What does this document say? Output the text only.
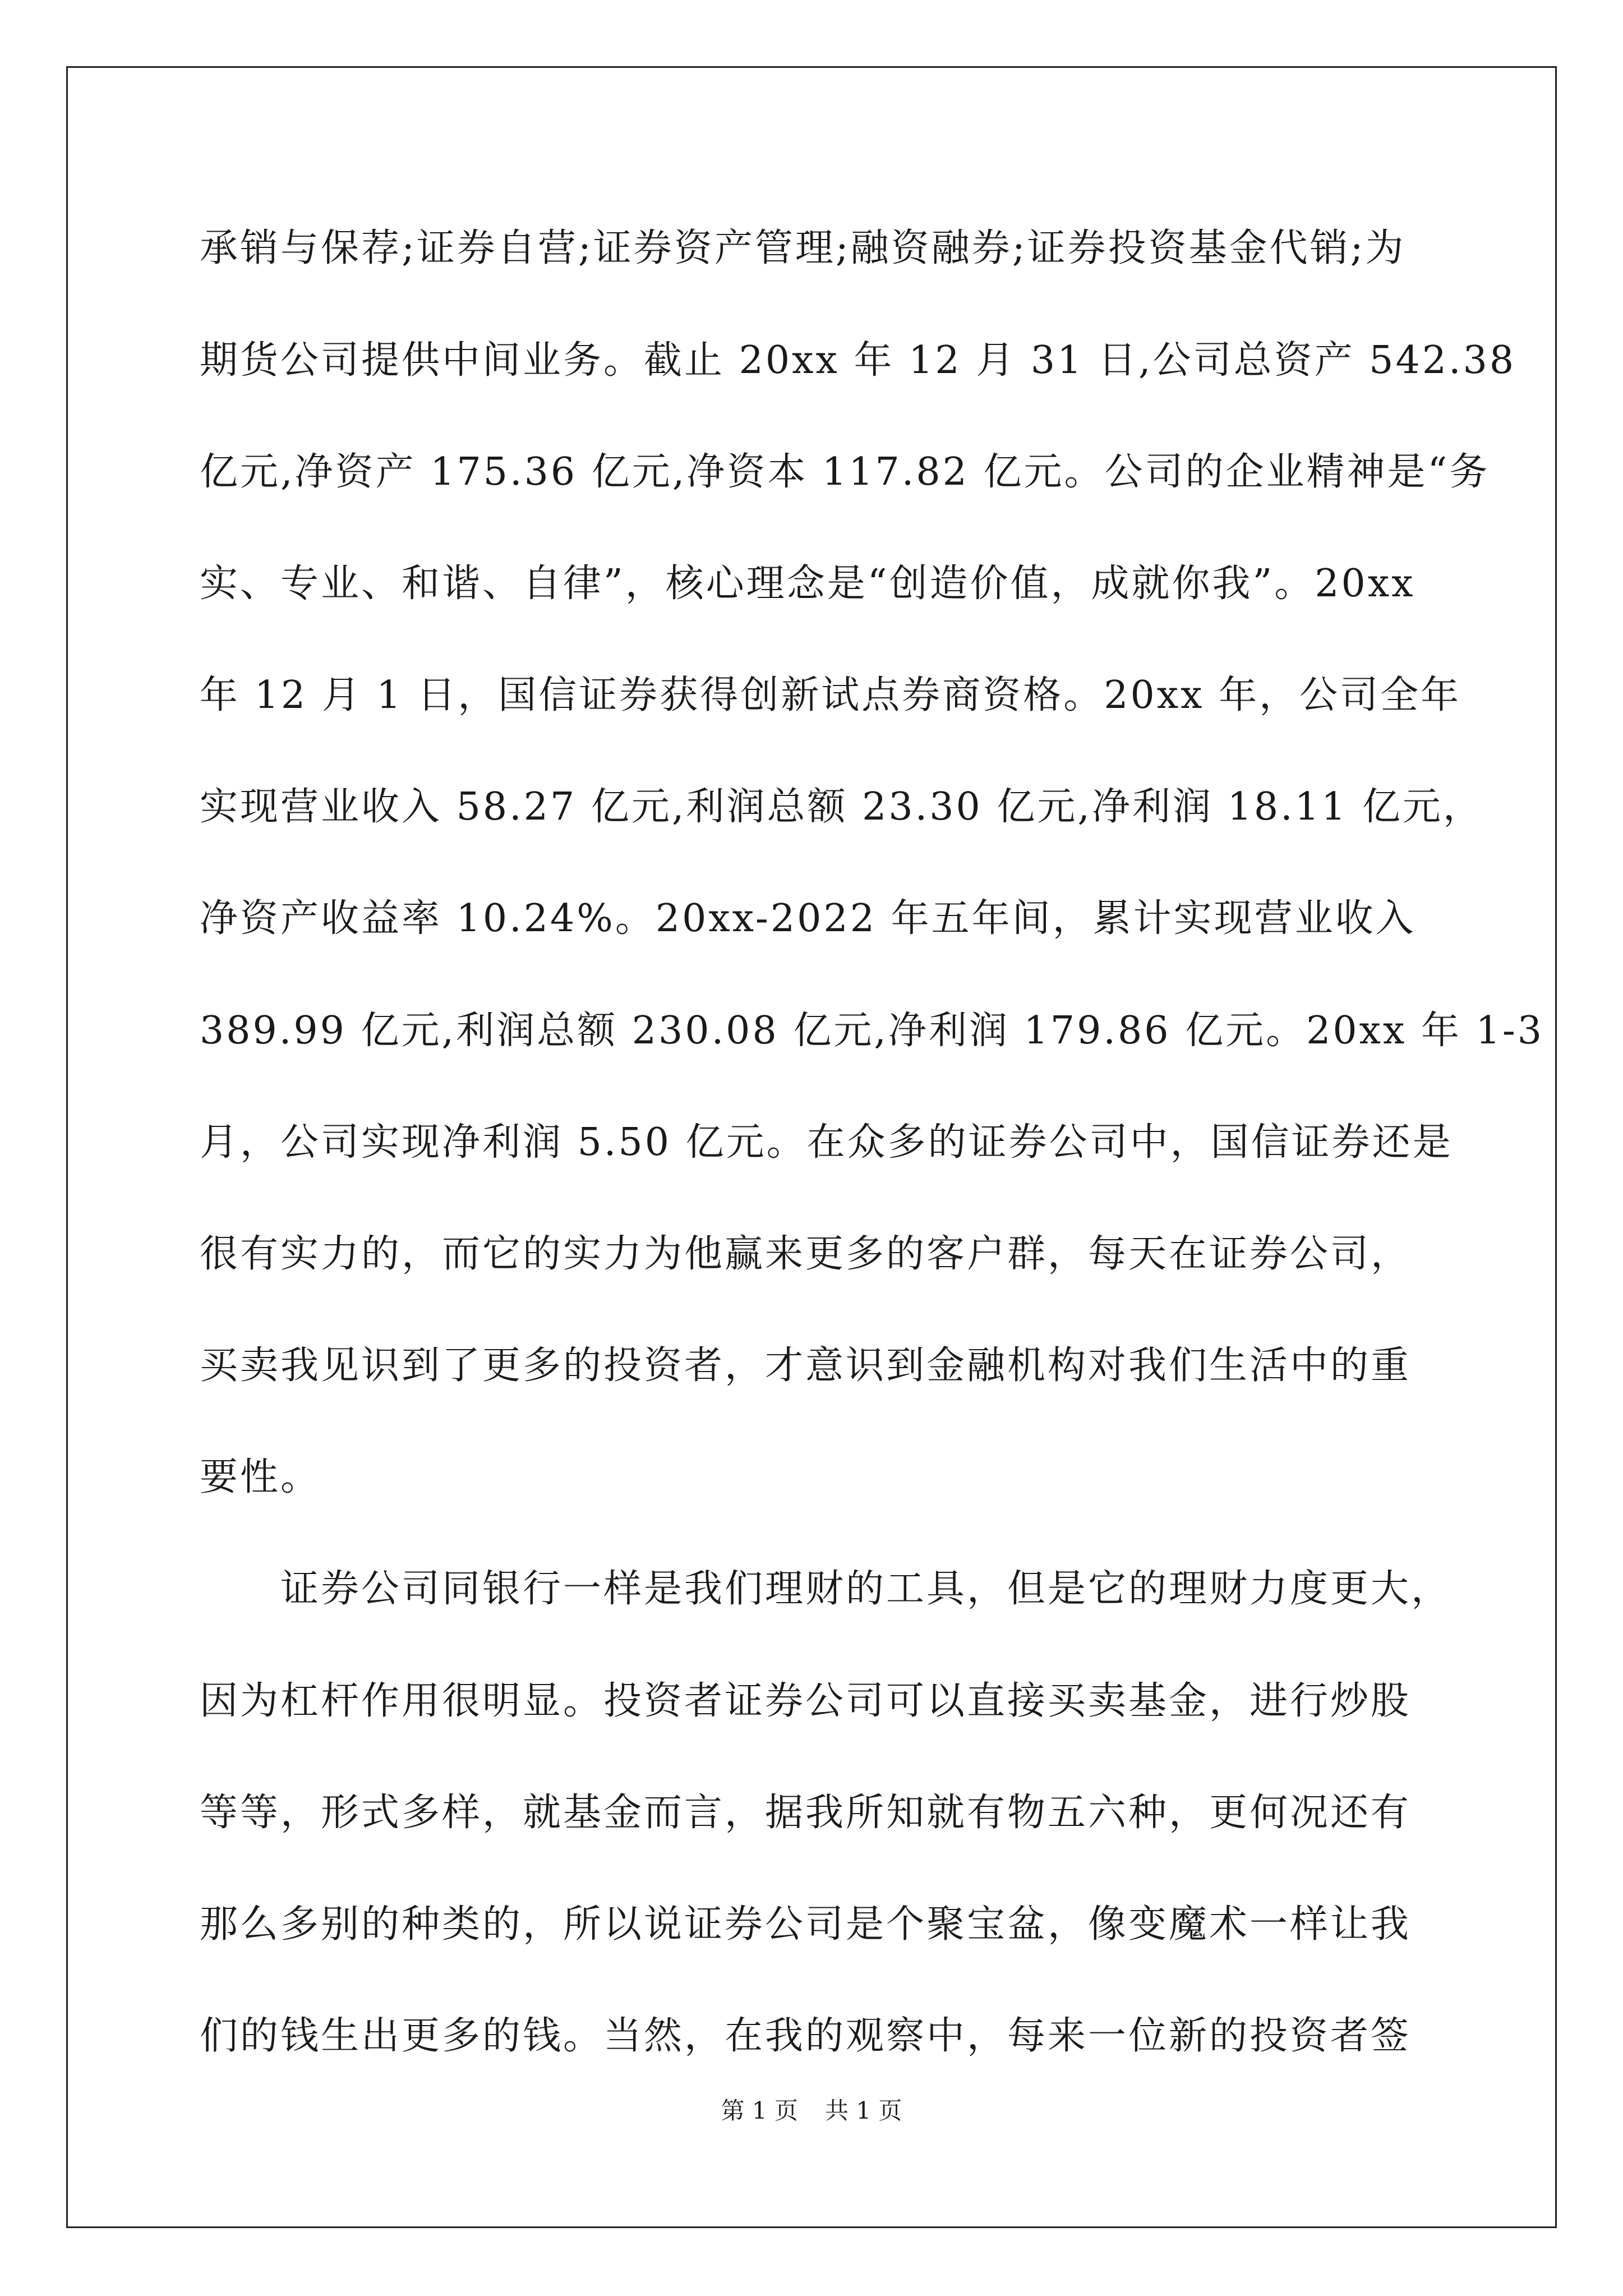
承销与保荐;证券自营;证券资产管理;融资融券;证券投资基金代销;为
期货公司提供中间业务。截止 20xx 年 12 月 31 日,公司总资产 542.38
亿元,净资产 175.36 亿元,净资本 117.82 亿元。公司的企业精神是“务
实、专业、和谐、自律”，核心理念是“创造价值，成就你我”。20xx
年 12 月 1 日，国信证券获得创新试点券商资格。20xx 年，公司全年
实现营业收入 58.27 亿元,利润总额 23.30 亿元,净利润 18.11 亿元，
净资产收益率 10.24%。20xx-2022 年五年间，累计实现营业收入
389.99 亿元,利润总额 230.08 亿元,净利润 179.86 亿元。20xx 年 1-3
月，公司实现净利润 5.50 亿元。在众多的证券公司中，国信证券还是
很有实力的，而它的实力为他赢来更多的客户群，每天在证券公司，
买卖我见识到了更多的投资者，才意识到金融机构对我们生活中的重
要性。
证券公司同银行一样是我们理财的工具，但是它的理财力度更大，
因为杠杆作用很明显。投资者证券公司可以直接买卖基金，进行炒股
等等，形式多样，就基金而言，据我所知就有物五六种，更何况还有
那么多别的种类的，所以说证券公司是个聚宝盆，像变魔术一样让我
们的钱生出更多的钱。当然，在我的观察中，每来一位新的投资者签
第 1 页 共 1 页
